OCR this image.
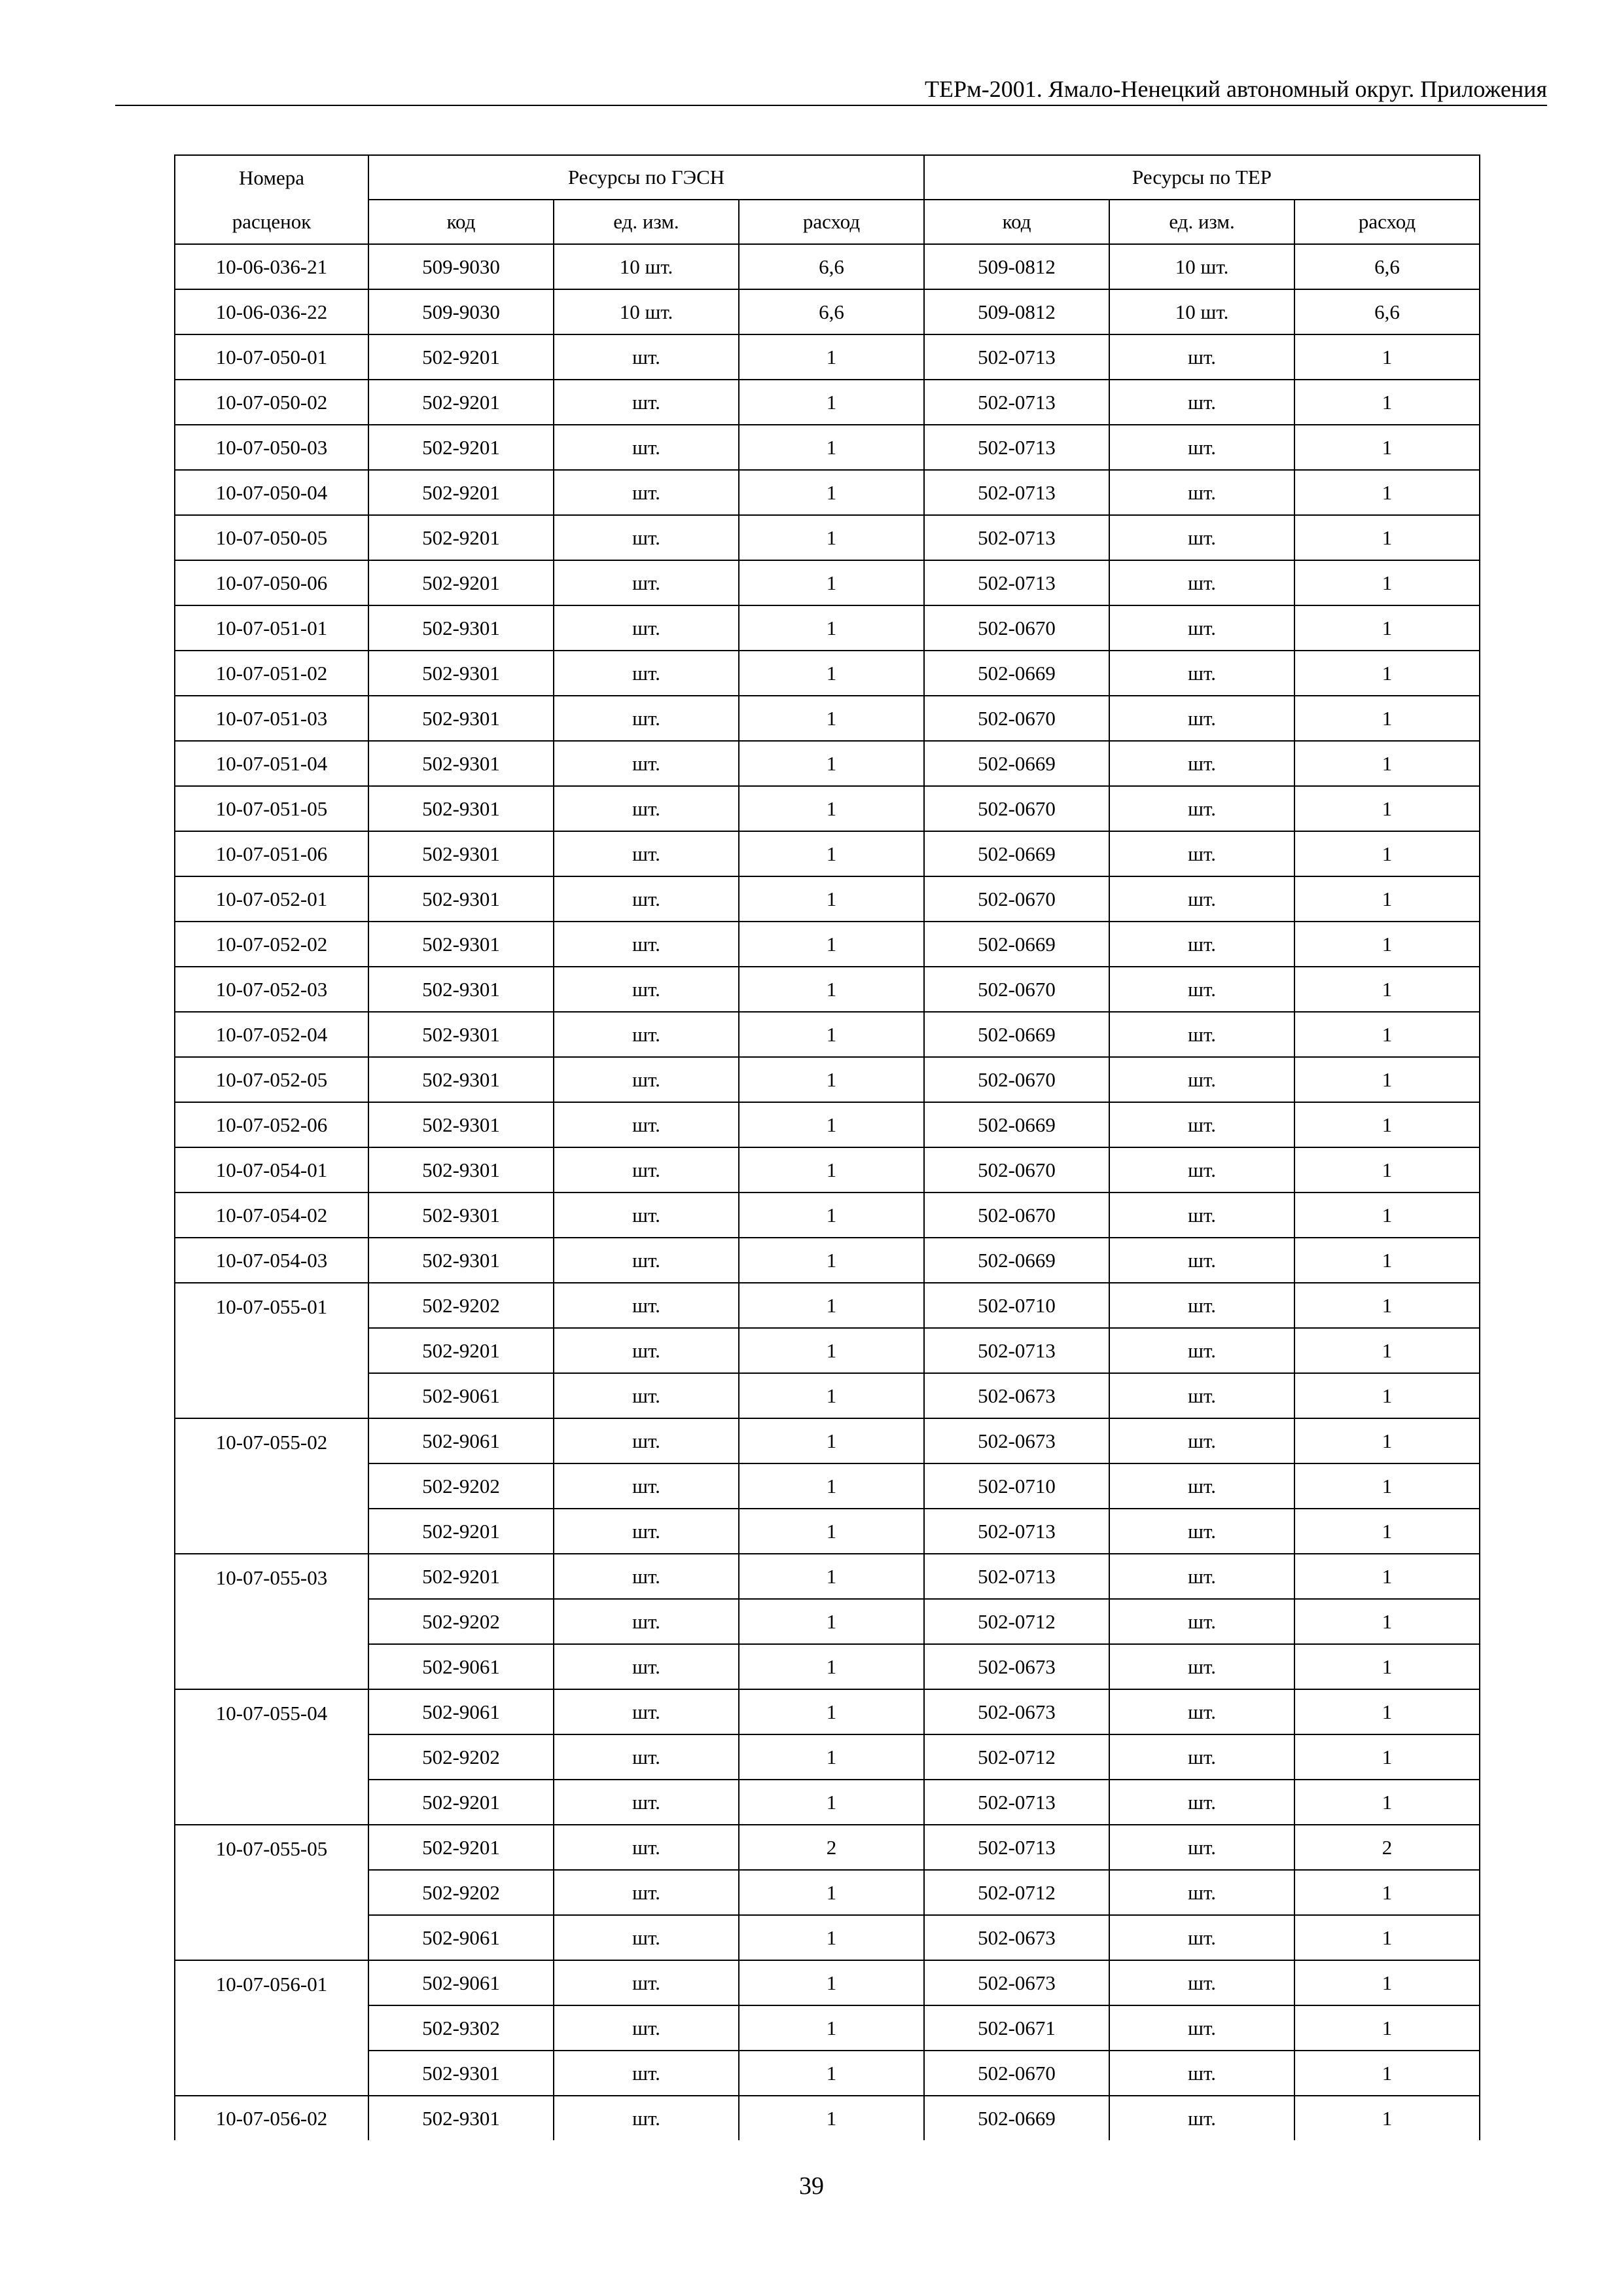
ТЕРм-2001. Ямало-Ненецкий автономный округ. Приложения
Номера	Ресурсы по ГЭСН			Ресурсы по ТЕР		
расценок	код	ед. изм.	расход	код	ед. изм.	расход
10-06-036-21	509-9030	10 шт.	6,6	509-0812	10 шт.	6,6
10-06-036-22	509-9030	10 шт.	6,6	509-0812	10 шт.	6,6
10-07-050-01	502-9201	шт.	1	502-0713	шт.	1
10-07-050-02	502-9201	шт.	1	502-0713	шт.	1
10-07-050-03	502-9201	шт.	1	502-0713	шт.	1
10-07-050-04	502-9201	шт.	1	502-0713	шт.	1
10-07-050-05	502-9201	шт.	1	502-0713	шт.	1
10-07-050-06	502-9201	шт.	1	502-0713	шт.	1
10-07-051-01	502-9301	шт.	1	502-0670	шт.	1
10-07-051-02	502-9301	шт.	1	502-0669	шт.	1
10-07-051-03	502-9301	шт.	1	502-0670	шт.	1
10-07-051-04	502-9301	шт.	1	502-0669	шт.	1
10-07-051-05	502-9301	шт.	1	502-0670	шт.	1
10-07-051-06	502-9301	шт.	1	502-0669	шт.	1
10-07-052-01	502-9301	шт.	1	502-0670	шт.	1
10-07-052-02	502-9301	шт.	1	502-0669	шт.	1
10-07-052-03	502-9301	шт.	1	502-0670	шт.	1
10-07-052-04	502-9301	шт.	1	502-0669	шт.	1
10-07-052-05	502-9301	шт.	1	502-0670	шт.	1
10-07-052-06	502-9301	шт.	1	502-0669	шт.	1
10-07-054-01	502-9301	шт.	1	502-0670	шт.	1
10-07-054-02	502-9301	шт.	1	502-0670	шт.	1
10-07-054-03	502-9301	шт.	1	502-0669	шт.	1
10-07-055-01	502-9202	шт.	1	502-0710	шт.	1
	502-9201	шт.	1	502-0713	шт.	1
	502-9061	шт.	1	502-0673	шт.	1
10-07-055-02	502-9061	шт.	1	502-0673	шт.	1
	502-9202	шт.	1	502-0710	шт.	1
	502-9201	шт.	1	502-0713	шт.	1
10-07-055-03	502-9201	шт.	1	502-0713	шт.	1
	502-9202	шт.	1	502-0712	шт.	1
	502-9061	шт.	1	502-0673	шт.	1
10-07-055-04	502-9061	шт.	1	502-0673	шт.	1
	502-9202	шт.	1	502-0712	шт.	1
	502-9201	шт.	1	502-0713	шт.	1
10-07-055-05	502-9201	шт.	2	502-0713	шт.	2
	502-9202	шт.	1	502-0712	шт.	1
	502-9061	шт.	1	502-0673	шт.	1
10-07-056-01	502-9061	шт.	1	502-0673	шт.	1
	502-9302	шт.	1	502-0671	шт.	1
	502-9301	шт.	1	502-0670	шт.	1
10-07-056-02	502-9301	шт.	1	502-0669	шт.	1
39
